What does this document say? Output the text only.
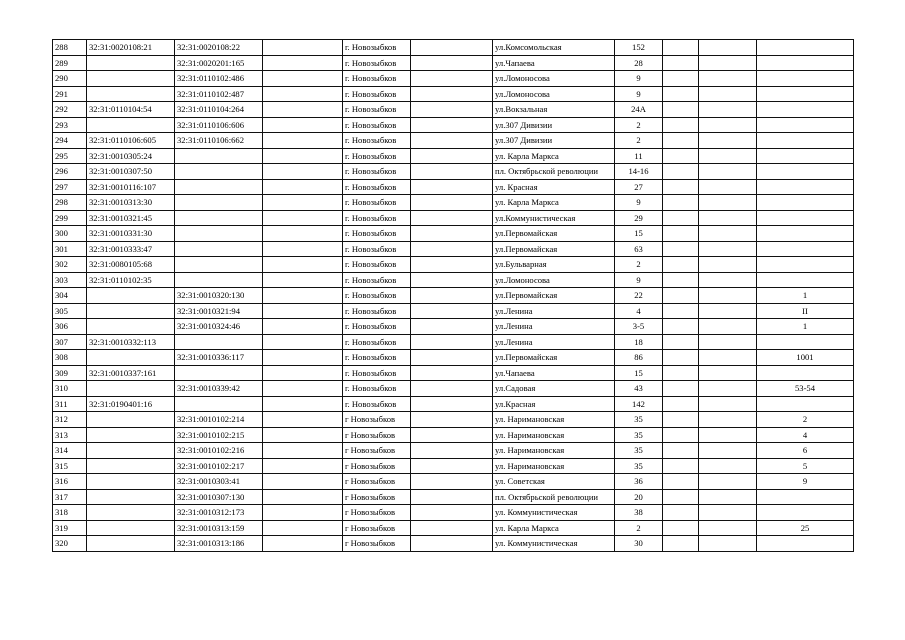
288	32:31:0020108:21	32:31:0020108:22		г. Новозыбков		ул.Комсомольская	152			
289		32:31:0020201:165		г. Новозыбков		ул.Чапаева	28			
290		32:31:0110102:486		г. Новозыбков		ул.Ломоносова	9			
291		32:31:0110102:487		г. Новозыбков		ул.Ломоносова	9			
292	32:31:0110104:54	32:31:0110104:264		г. Новозыбков		ул.Вокзальная	24А			
293		32:31:0110106:606		г. Новозыбков		ул.307 Дивизии	2			
294	32:31:0110106:605	32:31:0110106:662		г. Новозыбков		ул.307 Дивизии	2			
295	32:31:0010305:24			г. Новозыбков		ул. Карла Маркса	11			
296	32:31:0010307:50			г. Новозыбков		пл. Октябрьской революции	14-16			
297	32:31:0010116:107			г. Новозыбков		ул. Красная	27			
298	32:31:0010313:30			г. Новозыбков		ул. Карла Маркса	9			
299	32:31:0010321:45			г. Новозыбков		ул.Коммунистическая	29			
300	32:31:0010331:30			г. Новозыбков		ул.Первомайская	15			
301	32:31:0010333:47			г. Новозыбков		ул.Первомайская	63			
302	32:31:0080105:68			г. Новозыбков		ул.Бульварная	2			
303	32:31:0110102:35			г. Новозыбков		ул.Ломоносова	9			
304		32:31:0010320:130		г. Новозыбков		ул.Первомайская	22			1
305		32:31:0010321:94		г. Новозыбков		ул.Ленина	4			II
306		32:31:0010324:46		г. Новозыбков		ул.Ленина	3-5			1
307	32:31:0010332:113			г. Новозыбков		ул.Ленина	18			
308		32:31:0010336:117		г. Новозыбков		ул.Первомайская	86			1001
309	32:31:0010337:161			г. Новозыбков		ул.Чапаева	15			
310		32:31:0010339:42		г. Новозыбков		ул.Садовая	43			53-54
311	32:31:0190401:16			г. Новозыбков		ул.Красная	142			
312		32:31:0010102:214		г Новозыбков		ул. Наримановская	35			2
313		32:31:0010102:215		г Новозыбков		ул. Наримановская	35			4
314		32:31:0010102:216		г Новозыбков		ул. Наримановская	35			6
315		32:31:0010102:217		г Новозыбков		ул. Наримановская	35			5
316		32:31:0010303:41		г Новозыбков		ул. Советская	36			9
317		32:31:0010307:130		г Новозыбков		пл. Октябрьской революции	20			
318		32:31:0010312:173		г Новозыбков		ул. Коммунистическая	38			
319		32:31:0010313:159		г Новозыбков		ул. Карла Маркса	2			25
320		32:31:0010313:186		г Новозыбков		ул. Коммунистическая	30			
